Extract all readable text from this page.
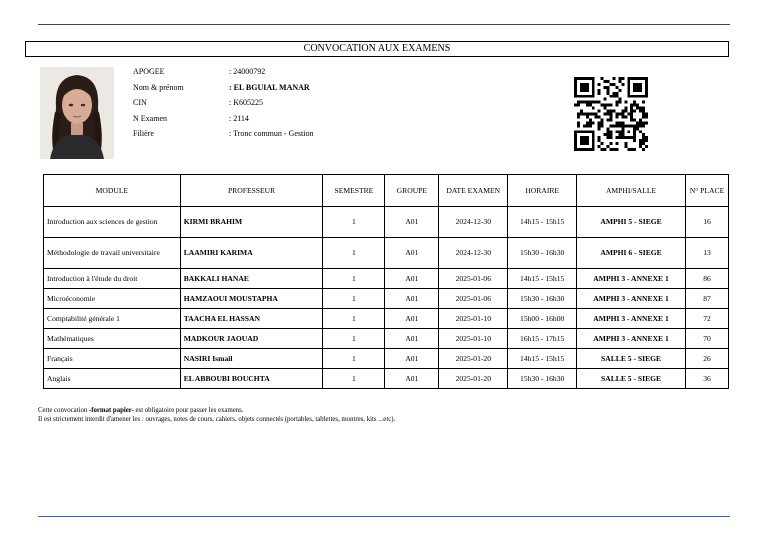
CONVOCATION AUX EXAMENS
APOGEE	: 24000792
Nom & prénom	: EL BGUIAL MANAR
CIN	: K605225
N Examen	: 2114
Filière	: Tronc commun - Gestion
MODULE	PROFESSEUR	SEMESTRE	GROUPE	DATE EXAMEN	HORAIRE	AMPHI/SALLE	N° PLACE
Introduction aux sciences de gestion	KIRMI BRAHIM	1	A01	2024-12-30	14h15 - 15h15	AMPHI 5 - SIEGE	16
Méthodologie de travail universitaire	LAAMIRI KARIMA	1	A01	2024-12-30	15h30 - 16h30	AMPHI 6 - SIEGE	13
Introduction à l'étude du droit	BAKKALI HANAE	1	A01	2025-01-06	14h15 - 15h15	AMPHI 3 - ANNEXE 1	86
Microéconomie	HAMZAOUI MOUSTAPHA	1	A01	2025-01-06	15h30 - 16h30	AMPHI 3 - ANNEXE 1	87
Comptabilité générale 1	TAACHA EL HASSAN	1	A01	2025-01-10	15h00 - 16h00	AMPHI 3 - ANNEXE 1	72
Mathématiques	MADKOUR JAOUAD	1	A01	2025-01-10	16h15 - 17h15	AMPHI 3 - ANNEXE 1	70
Français	NASIRI Ismail	1	A01	2025-01-20	14h15 - 15h15	SALLE 5 - SIEGE	26
Anglais	EL ABBOUBI BOUCHTA	1	A01	2025-01-20	15h30 - 16h30	SALLE 5 - SIEGE	36
Cette convocation -format papier- est obligatoire pour passer les examens.
Il est strictement interdit d'amener les : ouvrages, notes de cours, cahiers, objets connectés (portables, tablettes, montres, kits ...etc).
